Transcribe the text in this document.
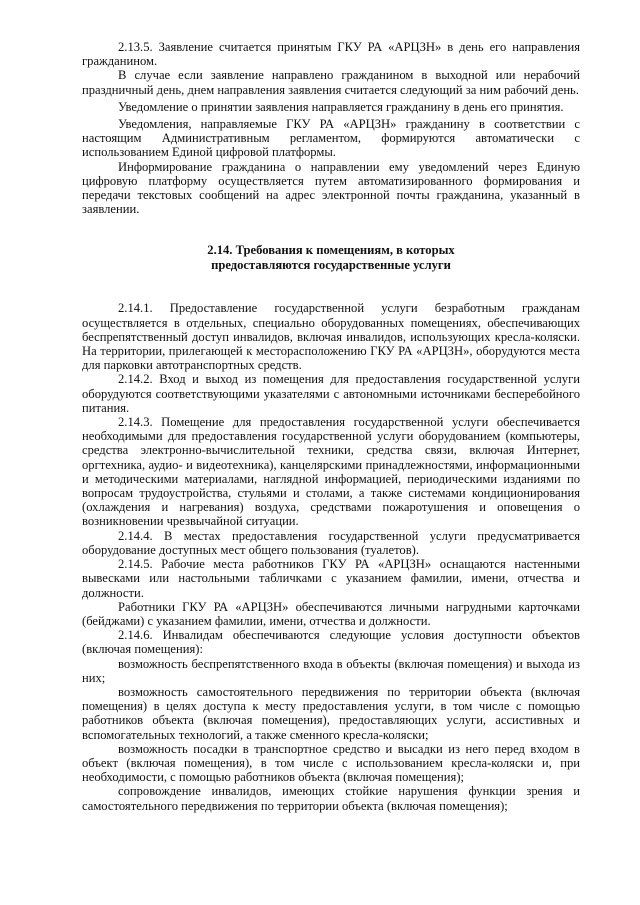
2.13.5. Заявление считается принятым ГКУ РА «АРЦЗН» в день его направления гражданином.

В случае если заявление направлено гражданином в выходной или нерабочий праздничный день, днем направления заявления считается следующий за ним рабочий день.

Уведомление о принятии заявления направляется гражданину в день его принятия.

Уведомления, направляемые ГКУ РА «АРЦЗН» гражданину в соответствии с настоящим Административным регламентом, формируются автоматически с использованием Единой цифровой платформы.

Информирование гражданина о направлении ему уведомлений через Единую цифровую платформу осуществляется путем автоматизированного формирования и передачи текстовых сообщений на адрес электронной почты гражданина, указанный в заявлении.

2.14. Требования к помещениям, в которых
предоставляются государственные услуги

2.14.1. Предоставление государственной услуги безработным гражданам осуществляется в отдельных, специально оборудованных помещениях, обеспечивающих беспрепятственный доступ инвалидов, включая инвалидов, использующих кресла-коляски. На территории, прилегающей к месторасположению ГКУ РА «АРЦЗН», оборудуются места для парковки автотранспортных средств.

2.14.2. Вход и выход из помещения для предоставления государственной услуги оборудуются соответствующими указателями с автономными источниками бесперебойного питания.

2.14.3. Помещение для предоставления государственной услуги обеспечивается необходимыми для предоставления государственной услуги оборудованием (компьютеры, средства электронно-вычислительной техники, средства связи, включая Интернет, оргтехника, аудио- и видеотехника), канцелярскими принадлежностями, информационными и методическими материалами, наглядной информацией, периодическими изданиями по вопросам трудоустройства, стульями и столами, а также системами кондиционирования (охлаждения и нагревания) воздуха, средствами пожаротушения и оповещения о возникновении чрезвычайной ситуации.

2.14.4. В местах предоставления государственной услуги предусматривается оборудование доступных мест общего пользования (туалетов).

2.14.5. Рабочие места работников ГКУ РА «АРЦЗН» оснащаются настенными вывесками или настольными табличками с указанием фамилии, имени, отчества и должности.

Работники ГКУ РА «АРЦЗН» обеспечиваются личными нагрудными карточками (бейджами) с указанием фамилии, имени, отчества и должности.

2.14.6. Инвалидам обеспечиваются следующие условия доступности объектов (включая помещения):

возможность беспрепятственного входа в объекты (включая помещения) и выхода из них;

возможность самостоятельного передвижения по территории объекта (включая помещения) в целях доступа к месту предоставления услуги, в том числе с помощью работников объекта (включая помещения), предоставляющих услуги, ассистивных и вспомогательных технологий, а также сменного кресла-коляски;

возможность посадки в транспортное средство и высадки из него перед входом в объект (включая помещения), в том числе с использованием кресла-коляски и, при необходимости, с помощью работников объекта (включая помещения);

сопровождение инвалидов, имеющих стойкие нарушения функции зрения и самостоятельного передвижения по территории объекта (включая помещения);
